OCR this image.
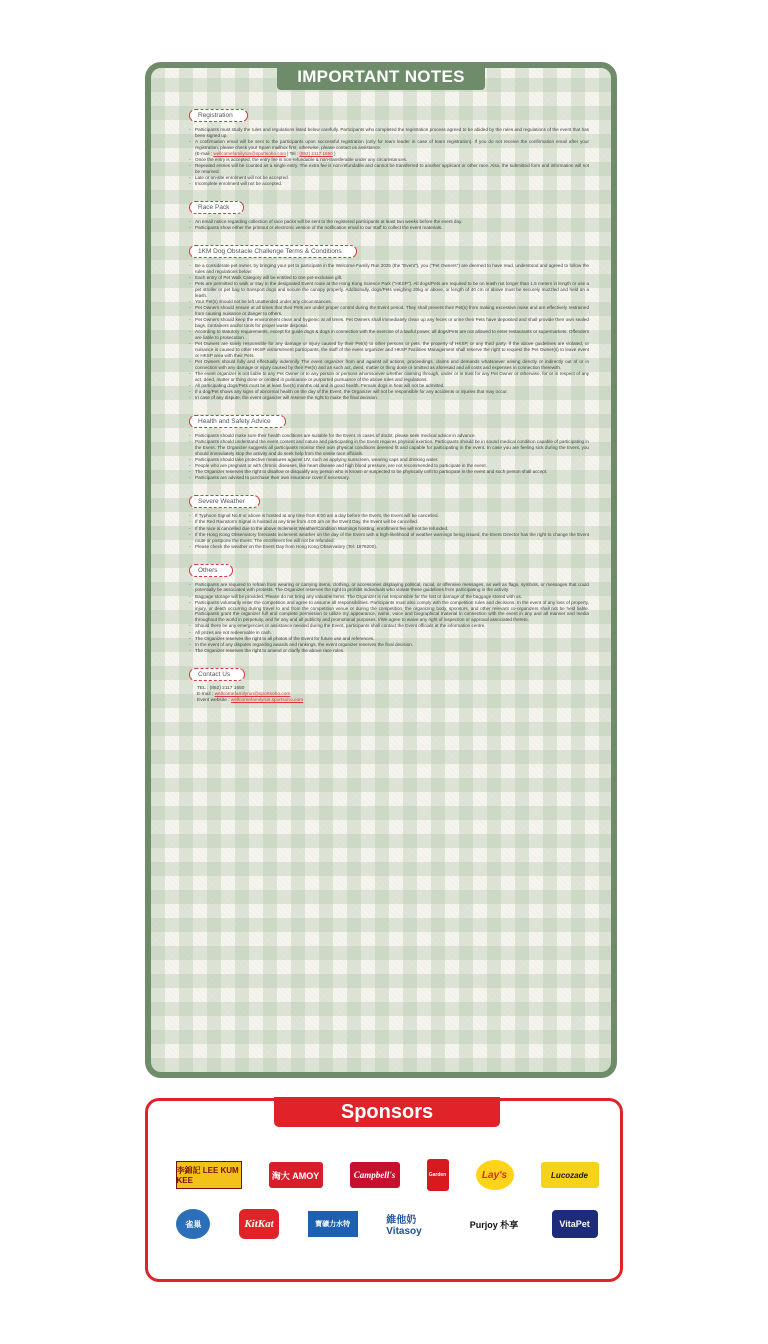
IMPORTANT NOTES
Registration
- Participants must study the rules and regulations listed below carefully. Participants who completed the registration process agreed to be abided by the rules and regulations of the event that has been signed up.
- A confirmation email will be sent to the participants upon successful registration (only for team leader in case of team registration). If you do not receive the confirmation email after your registration, please check your Spam mailbox first, otherwise, please contact us assistance.
(E-mail : wellcomefamilyrun@sportsoho.com | Tel : (852) 2117 1650 )
- Once the entry is accepted, the entry fee is non-refundable & non-transferable under any circumstances.
- Repeated entries will be counted as a single entry. The extra fee is non-refundable and cannot be transferred to another applicant or other race. Also, the submitted form and information will not be returned.
- Late or on-site enrolment will not be accepted.
- Incomplete enrolment will not be accepted.
Race Pack
- An email notice regarding collection of race packs will be sent to the registered participants at least two weeks before the event day.
- Participants show either the printout or electronic version of the notification email to our staff to collect the event materials.
1KM Dog Obstacle Challenge Terms & Conditions
- Be a considerate pet owner, by bringing your pet to participate in the Welcome Family Run 2025 (the "Event"), you ("Pet Owners") are deemed to have read, understood and agreed to follow the rules and regulations below:
- Each entry of Pet Walk Category will be entitled to one pet-exclusive gift.
- Pets are permitted to walk or stay in the designated Event route at the Hong Kong Science Park ("HKSP"). All dogs/Pets are required to be on leash not longer than 1.5 meters in length or use a pet stroller or pet bag to transport dogs and secure the canopy properly. Additionally, dogs/Pets weighing 20kg or above, or length of 40 cm or above must be securely muzzled and held on a leash.
- Your Pet(s) should not be left unattended under any circumstances.
- Pet Owners should ensure at all times that their Pets are under proper control during the Event period. They shall prevent their Pet(s) from making excessive noise and are effectively restrained from causing nuisance or danger to others.
- Pet Owners should keep the environment clean and hygienic at all times. Pet Owners shall immediately clean up any feces or urine their Pets have deposited and shall provide their own sealed bags, containers and/or tools for proper waste disposal.
- According to statutory requirements, except for guide dogs & dogs in connection with the exercise of a lawful power, all dogs/Pets are not allowed to enter restaurants or supermarkets. Offenders are liable to prosecution.
- Pet Owners are solely responsible for any damage or injury caused by their Pet(s) to other persons or pets, the property of HKSP, or any third party. If the above guidelines are violated, or nuisance is caused to other HKSP visitors/event participants, the staff of the event organizer and HKSP Facilities Management shall reserve the right to request the Pet Owner(s) to leave event or HKSP area with their Pets.
- Pet Owners should fully and effectually indemnify The event organizer from and against all actions, proceedings, claims and demands whatsoever arising directly or indirectly out of or in connection with any damage or injury caused by their Pet(s) and an such act, deed, matter or thing done or omitted as aforesaid and all costs and expenses in connection therewith.
- The event organizer is not liable to any Pet Owner or to any person or persons whomsoever whether claiming through, under or in trust for any Pet Owner or otherwise, for or in respect of any act, deed, matter or thing done or omitted in pursuance or purported pursuance of the above rules and regulations.
- All participating dogs/Pets must be at least five(5) months old and in good health. Female dogs in heat will not be admitted.
- If a dog/Pet shows any signs of abnormal health on the day of the Event, the Organizer will not be responsible for any accidents or injuries that may occur.
- In case of any dispute, the event organizer will reserve the right to make the final decision.
Health and Safety Advice
- Participants should make sure their health conditions are suitable for the Event. In cases of doubt, please seek medical advice in advance.
- Participants should understand the event content and nature and participating in the Event requires physical exertion. Participants should be in sound medical condition capable of participating in the Event. The Organizer suggests all participants monitor their own physical conditions deemed fit and capable for participating in the event. In case you are feeling sick during the Event, you should immediately stop the activity and do seek help from the onsite race officials.
- Participants should take protective measures against UV, such as applying sunscreen, wearing caps and drinking water.
- People who are pregnant or with chronic diseases, like heart disease and high blood pressure, are not recommended to participate in the event.
- The Organizer reserves the right to disallow or disqualify any person who is known or suspected to be physically unfit to participate in the event and such person shall accept.
- Participants are advised to purchase their own insurance cover if necessary.
Severe Weather
- If Typhoon Signal No.8 or above is hoisted at any time from 8:00 am a day before the Event, the Event will be cancelled.
- If the Red Rainstorm Signal is hoisted at any time from 4:00 am on the Event Day, the Event will be cancelled.
- If the race is cancelled due to the above Inclement Weather/Condition Warnings hoisting, enrollment fee will not be refunded.
- If the Hong Kong Observatory forecasts inclement weather on the day of the Event with a high-likelihood of weather warnings being issued, the Event Director has the right to change the Event route or postpone the Event. The enrollment fee will not be refunded.
- Please check the weather on the Event Day from Hong Kong Observatory (Tel: 1878200).
Others
- Participants are required to refrain from wearing or carrying items, clothing, or accessories displaying political, racial, or offensive messages, as well as flags, symbols, or messages that could potentially be associated with protests. The Organizer reserves the right to prohibit individuals who violate these guidelines from participating in the activity.
- Baggage storage will be provided. Please do not bring any valuable items. The Organizer is not responsible for the lost or damage of the baggage stored with us.
- Participants voluntarily enter the competition and agree to assume all responsibilities. Participants must also comply with the competition rules and decisions. In the event of any loss of property, injury, or death occurring during travel to and from the competition venue or during the competition, the organizing body, sponsors, and other relevant co-organizers shall not be held liable. Participants grant the organizer full and complete permission to utilize my appearance, name, voice and biographical material in connection with the event in any and all manner and media throughout the world in perpetuity, and for any and all publicity and promotional purposes. I/We agree to waive any right of inspection or approval associated thereto.
- Should there be any emergencies or assistance needed during the Event, participants shall contact the Event officials at the information centre.
- All prizes are not redeemable in cash.
- The Organizer reserves the right to all photos of the Event for future use and references.
- In the event of any disputes regarding awards and rankings, the event organizer reserves the final decision.
- The Organizer reserves the right to amend or clarify the above race rules.
Contact Us
TEL : (852) 2117 1650
E-mail : wellcomefamilyrun@sportsoho.com
Event website : wellcomefamilyrun.sportsoho.com
Sponsors
李錦記 LEE KUM KEE	淘大 AMOY	Campbell's	Garden	Lay's	Lucozade
雀巢	KitKat	寶礦力水特	維他奶 Vitasoy
Purjoy 朴享	VitaPet
